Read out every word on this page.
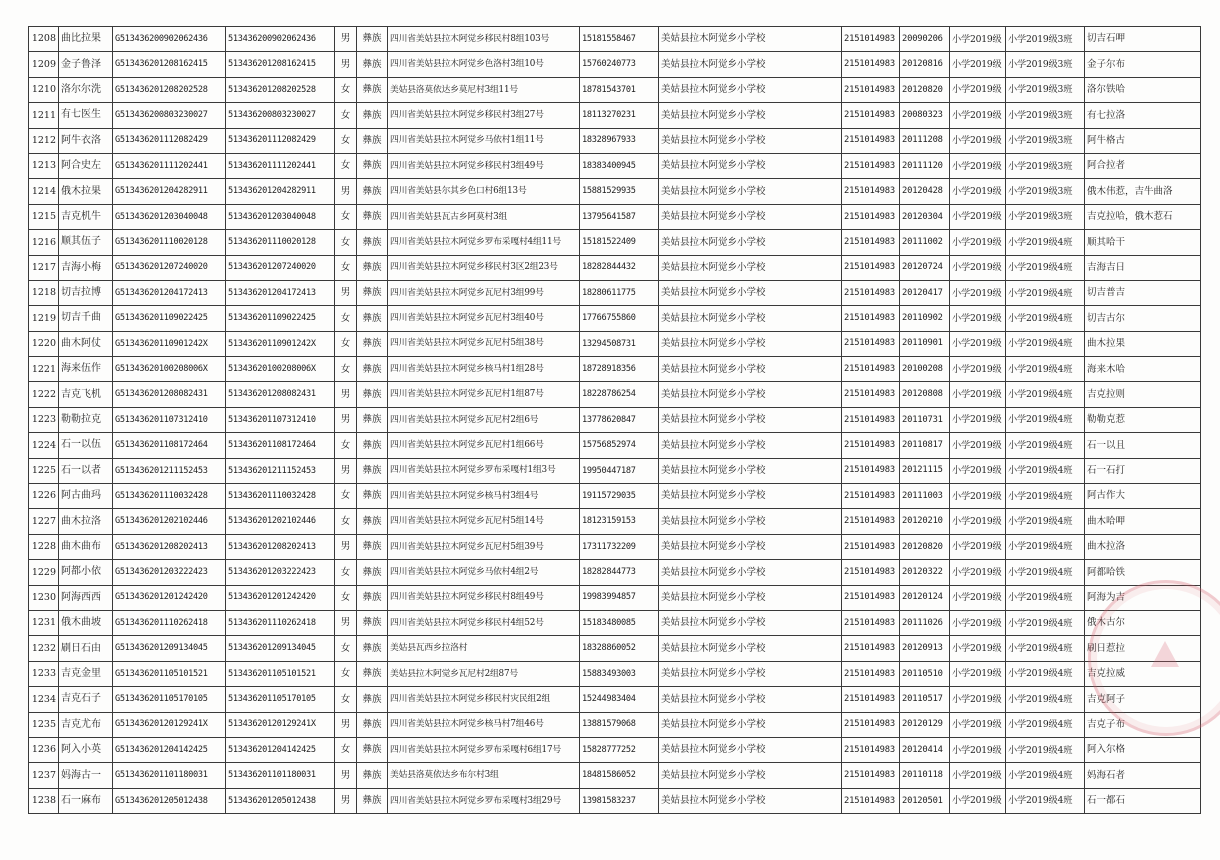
1208	曲比拉果	G513436200902062436	513436200902062436	男	彝族	四川省美姑县拉木阿觉乡移民村8组103号	15181558467	美姑县拉木阿觉乡小学校	2151014983	20090206	小学2019级	小学2019级3班	切吉石呷
1209	金子鲁泽	G513436201208162415	513436201208162415	男	彝族	四川省美姑县拉木阿觉乡色洛村3组10号	15760240773	美姑县拉木阿觉乡小学校	2151014983	20120816	小学2019级	小学2019级3班	金子尔布
1210	洛尔尔洗	G513436201208202528	513436201208202528	女	彝族	美姑县洛莫依达乡莫尼村3组11号	18781543701	美姑县拉木阿觉乡小学校	2151014983	20120820	小学2019级	小学2019级3班	洛尔铁哈
1211	有七医生	G513436200803230027	513436200803230027	女	彝族	四川省美姑县拉木阿觉乡移民村3组27号	18113270231	美姑县拉木阿觉乡小学校	2151014983	20080323	小学2019级	小学2019级3班	有七拉洛
1212	阿牛衣洛	G513436201112082429	513436201112082429	女	彝族	四川省美姑县拉木阿觉乡马依村1组11号	18328967933	美姑县拉木阿觉乡小学校	2151014983	20111208	小学2019级	小学2019级3班	阿牛格古
1213	阿合史左	G513436201111202441	513436201111202441	女	彝族	四川省美姑县拉木阿觉乡移民村3组49号	18383400945	美姑县拉木阿觉乡小学校	2151014983	20111120	小学2019级	小学2019级3班	阿合拉者
1214	俄木拉果	G513436201204282911	513436201204282911	男	彝族	四川省美姑县尔其乡色口村6组13号	15881529935	美姑县拉木阿觉乡小学校	2151014983	20120428	小学2019级	小学2019级3班	俄木伟惹，吉牛曲洛
1215	吉克机牛	G513436201203040048	513436201203040048	女	彝族	四川省美姑县瓦古乡阿莫村3组	13795641587	美姑县拉木阿觉乡小学校	2151014983	20120304	小学2019级	小学2019级3班	吉克拉哈，俄木惹石
1216	顺其伍子	G513436201110020128	513436201110020128	女	彝族	四川省美姑县拉木阿觉乡罗布采嘎村4组11号	15181522409	美姑县拉木阿觉乡小学校	2151014983	20111002	小学2019级	小学2019级4班	顺其哈干
1217	吉海小梅	G513436201207240020	513436201207240020	女	彝族	四川省美姑县拉木阿觉乡移民村3区2组23号	18282844432	美姑县拉木阿觉乡小学校	2151014983	20120724	小学2019级	小学2019级4班	吉海吉日
1218	切吉拉博	G513436201204172413	513436201204172413	男	彝族	四川省美姑县拉木阿觉乡瓦尼村3组99号	18280611775	美姑县拉木阿觉乡小学校	2151014983	20120417	小学2019级	小学2019级4班	切吉普吉
1219	切吉千曲	G513436201109022425	513436201109022425	女	彝族	四川省美姑县拉木阿觉乡瓦尼村3组40号	17766755860	美姑县拉木阿觉乡小学校	2151014983	20110902	小学2019级	小学2019级4班	切吉古尔
1220	曲木阿仗	G51343620110901242X	51343620110901242X	女	彝族	四川省美姑县拉木阿觉乡瓦尼村5组38号	13294508731	美姑县拉木阿觉乡小学校	2151014983	20110901	小学2019级	小学2019级4班	曲木拉果
1221	海来伍作	G51343620100208006X	51343620100208006X	女	彝族	四川省美姑县拉木阿觉乡核马村1组28号	18728918356	美姑县拉木阿觉乡小学校	2151014983	20100208	小学2019级	小学2019级4班	海来木哈
1222	吉克飞机	G513436201208082431	513436201208082431	男	彝族	四川省美姑县拉木阿觉乡瓦尼村1组87号	18228786254	美姑县拉木阿觉乡小学校	2151014983	20120808	小学2019级	小学2019级4班	吉克拉则
1223	勒勒拉克	G513436201107312410	513436201107312410	男	彝族	四川省美姑县拉木阿觉乡瓦尼村2组6号	13778620847	美姑县拉木阿觉乡小学校	2151014983	20110731	小学2019级	小学2019级4班	勒勒克惹
1224	石一以伍	G513436201108172464	513436201108172464	女	彝族	四川省美姑县拉木阿觉乡瓦尼村1组66号	15756852974	美姑县拉木阿觉乡小学校	2151014983	20110817	小学2019级	小学2019级4班	石一以且
1225	石一以者	G513436201211152453	513436201211152453	男	彝族	四川省美姑县拉木阿觉乡罗布采嘎村1组3号	19950447187	美姑县拉木阿觉乡小学校	2151014983	20121115	小学2019级	小学2019级4班	石一石打
1226	阿古曲玛	G513436201110032428	513436201110032428	女	彝族	四川省美姑县拉木阿觉乡核马村3组4号	19115729035	美姑县拉木阿觉乡小学校	2151014983	20111003	小学2019级	小学2019级4班	阿古作大
1227	曲木拉洛	G513436201202102446	513436201202102446	女	彝族	四川省美姑县拉木阿觉乡瓦尼村5组14号	18123159153	美姑县拉木阿觉乡小学校	2151014983	20120210	小学2019级	小学2019级4班	曲木哈呷
1228	曲木曲布	G513436201208202413	513436201208202413	男	彝族	四川省美姑县拉木阿觉乡瓦尼村5组39号	17311732209	美姑县拉木阿觉乡小学校	2151014983	20120820	小学2019级	小学2019级4班	曲木拉洛
1229	阿都小依	G513436201203222423	513436201203222423	女	彝族	四川省美姑县拉木阿觉乡马依村4组2号	18282844773	美姑县拉木阿觉乡小学校	2151014983	20120322	小学2019级	小学2019级4班	阿都哈铁
1230	阿海西西	G513436201201242420	513436201201242420	女	彝族	四川省美姑县拉木阿觉乡移民村8组49号	19983994857	美姑县拉木阿觉乡小学校	2151014983	20120124	小学2019级	小学2019级4班	阿海为吉
1231	俄木曲坡	G513436201110262418	513436201110262418	男	彝族	四川省美姑县拉木阿觉乡移民村4组52号	15183480085	美姑县拉木阿觉乡小学校	2151014983	20111026	小学2019级	小学2019级4班	俄木古尔
1232	刷日石由	G513436201209134045	513436201209134045	女	彝族	美姑县瓦西乡拉洛村	18328860052	美姑县拉木阿觉乡小学校	2151014983	20120913	小学2019级	小学2019级4班	刷日惹拉
1233	吉克金里	G513436201105101521	513436201105101521	女	彝族	美姑县拉木阿觉乡瓦尼村2组87号	15883493003	美姑县拉木阿觉乡小学校	2151014983	20110510	小学2019级	小学2019级4班	吉克拉威
1234	吉克石子	G513436201105170105	513436201105170105	女	彝族	四川省美姑县拉木阿觉乡移民村灾民组2组	15244983404	美姑县拉木阿觉乡小学校	2151014983	20110517	小学2019级	小学2019级4班	吉克阿子
1235	吉克尤布	G51343620120129241X	51343620120129241X	男	彝族	四川省美姑县拉木阿觉乡核马村7组46号	13881579068	美姑县拉木阿觉乡小学校	2151014983	20120129	小学2019级	小学2019级4班	吉克子布
1236	阿入小英	G513436201204142425	513436201204142425	女	彝族	四川省美姑县拉木阿觉乡罗布采嘎村6组17号	15828777252	美姑县拉木阿觉乡小学校	2151014983	20120414	小学2019级	小学2019级4班	阿入尔格
1237	妈海古一	G513436201101180031	513436201101180031	男	彝族	美姑县洛莫依达乡布尔村3组	18481586052	美姑县拉木阿觉乡小学校	2151014983	20110118	小学2019级	小学2019级4班	妈海石者
1238	石一麻布	G513436201205012438	513436201205012438	男	彝族	四川省美姑县拉木阿觉乡罗布采嘎村3组29号	13981583237	美姑县拉木阿觉乡小学校	2151014983	20120501	小学2019级	小学2019级4班	石一都石
